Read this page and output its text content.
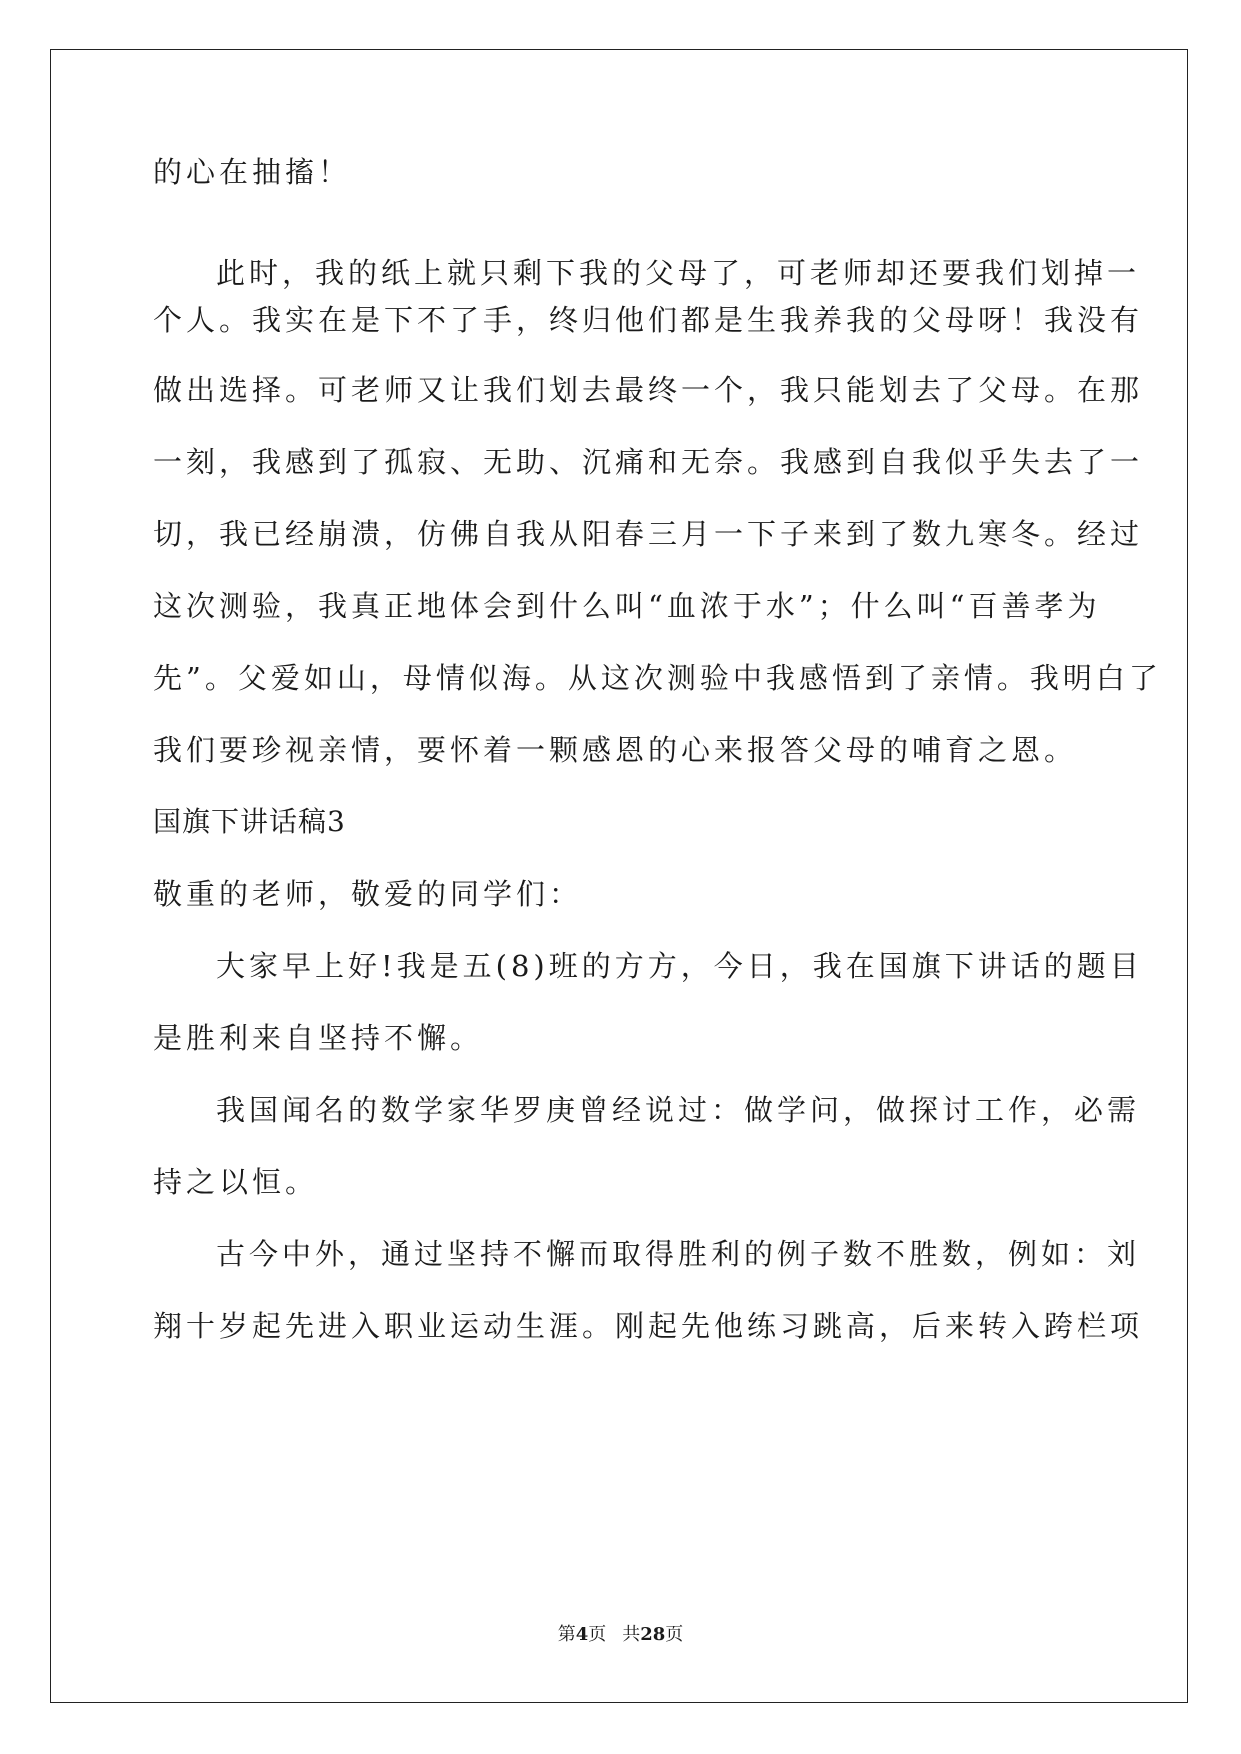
的心在抽搐！
此时，我的纸上就只剩下我的父母了，可老师却还要我们划掉一
个人。我实在是下不了手，终归他们都是生我养我的父母呀！我没有
做出选择。可老师又让我们划去最终一个，我只能划去了父母。在那
一刻，我感到了孤寂、无助、沉痛和无奈。我感到自我似乎失去了一
切，我已经崩溃，仿佛自我从阳春三月一下子来到了数九寒冬。经过
这次测验，我真正地体会到什么叫“血浓于水”；什么叫“百善孝为
先”。父爱如山，母情似海。从这次测验中我感悟到了亲情。我明白了
我们要珍视亲情，要怀着一颗感恩的心来报答父母的哺育之恩。
国旗下讲话稿3
敬重的老师，敬爱的同学们：
大家早上好!我是五(8)班的方方，今日，我在国旗下讲话的题目
是胜利来自坚持不懈。
我国闻名的数学家华罗庚曾经说过：做学问，做探讨工作，必需
持之以恒。
古今中外，通过坚持不懈而取得胜利的例子数不胜数，例如：刘
翔十岁起先进入职业运动生涯。刚起先他练习跳高，后来转入跨栏项
第4页 共28页
